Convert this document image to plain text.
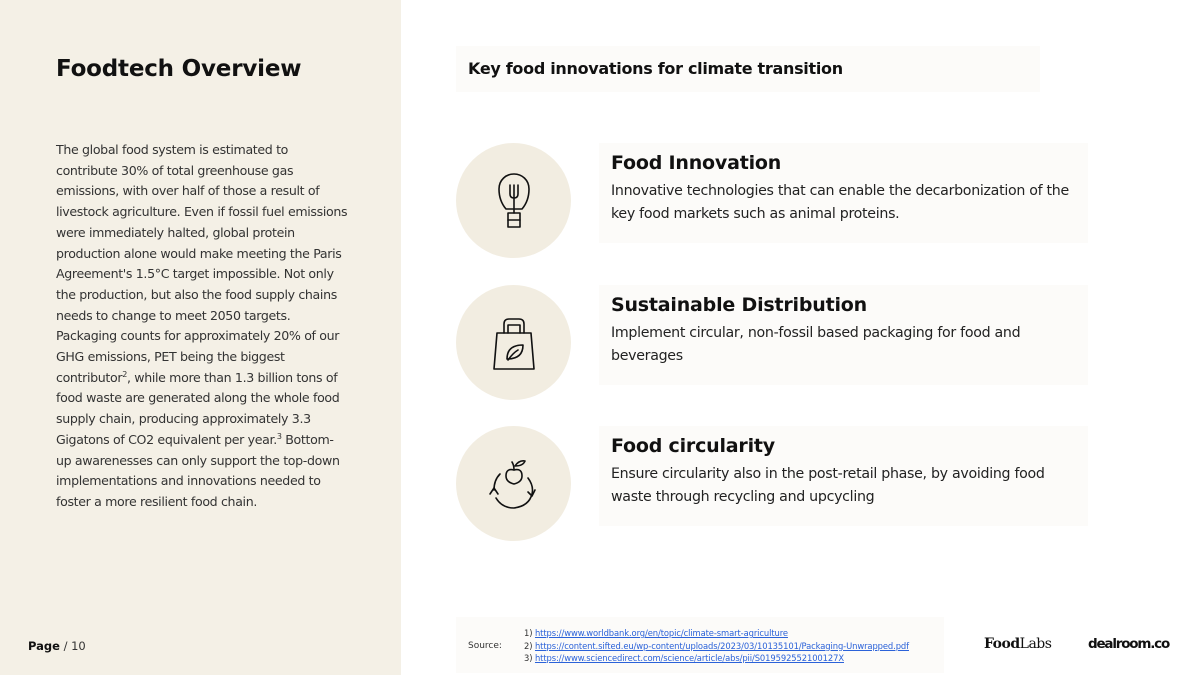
Foodtech Overview

The global food system is estimated to contribute 30% of total greenhouse gas emissions, with over half of those a result of livestock agriculture. Even if fossil fuel emissions were immediately halted, global protein production alone would make meeting the Paris Agreement's 1.5°C target impossible. Not only the production, but also the food supply chains needs to change to meet 2050 targets. Packaging counts for approximately 20% of our GHG emissions, PET being the biggest contributor$^2$, while more than 1.3 billion tons of food waste are generated along the whole food supply chain, producing approximately 3.3 Gigatons of CO2 equivalent per year.$^3$ Bottom-up awarenesses can only support the top-down implementations and innovations needed to foster a more resilient food chain.

Page / 10
Key food innovations for climate transition
Food Innovation
Innovative technologies that can enable the decarbonization of the key food markets such as animal proteins.
Sustainable Distribution
Implement circular, non-fossil based packaging for food and beverages
Food circularity
Ensure circularity also in the post-retail phase, by avoiding food waste through recycling and upcycling
Source:
1) https://www.worldbank.org/en/topic/climate-smart-agriculture
2) https://content.sifted.eu/wp-content/uploads/2023/03/10135101/Packaging-Unwrapped.pdf
3) https://www.sciencedirect.com/science/article/abs/pii/S019592552100127X
FoodLabs	dealroom.co
